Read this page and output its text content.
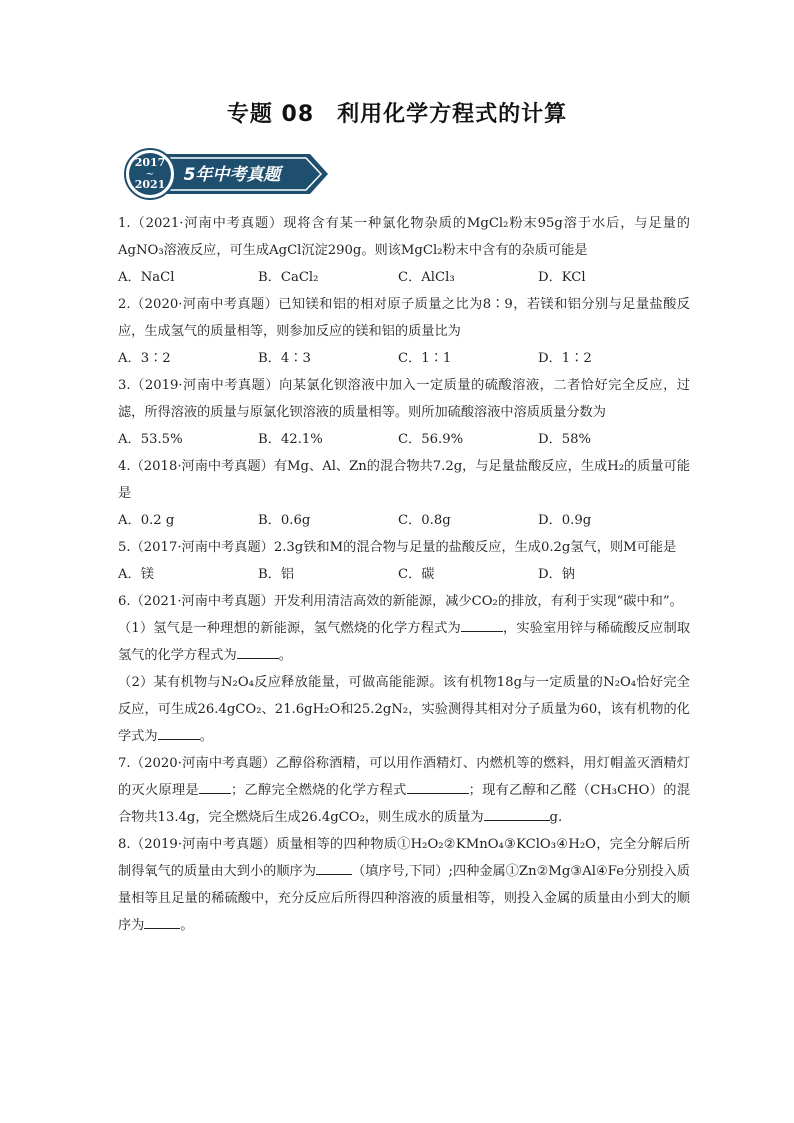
专题 08　利用化学方程式的计算
2017
~
2021 5年中考真题

1.（2021·河南中考真题）现将含有某一种氯化物杂质的MgCl₂粉末95g溶于水后，与足量的AgNO₃溶液反应，可生成AgCl沉淀290g。则该MgCl₂粉末中含有的杂质可能是

A．NaCl	B．CaCl₂	C．AlCl₃	D．KCl

2.（2020·河南中考真题）已知镁和铝的相对原子质量之比为8∶9，若镁和铝分别与足量盐酸反应，生成氢气的质量相等，则参加反应的镁和铝的质量比为

A．3∶2	B．4∶3	C．1∶1	D．1∶2

3.（2019·河南中考真题）向某氯化钡溶液中加入一定质量的硫酸溶液，二者恰好完全反应，过滤，所得溶液的质量与原氯化钡溶液的质量相等。则所加硫酸溶液中溶质质量分数为

A．53.5%	B．42.1%	C．56.9%	D．58%

4.（2018·河南中考真题）有Mg、Al、Zn的混合物共7.2g，与足量盐酸反应，生成H₂的质量可能是

A．0.2 g	B．0.6g	C．0.8g	D．0.9g

5.（2017·河南中考真题）2.3g铁和M的混合物与足量的盐酸反应，生成0.2g氢气，则M可能是

A．镁	B．铝	C．碳	D．钠

6.（2021·河南中考真题）开发利用清洁高效的新能源，减少CO₂的排放，有利于实现“碳中和”。

（1）氢气是一种理想的新能源，氢气燃烧的化学方程式为	，实验室用锌与稀硫酸反应制取氢气的化学方程式为	。

（2）某有机物与N₂O₄反应释放能量，可做高能能源。该有机物18g与一定质量的N₂O₄恰好完全反应，可生成26.4gCO₂、21.6gH₂O和25.2gN₂，实验测得其相对分子质量为60，该有机物的化学式为	。

7.（2020·河南中考真题）乙醇俗称酒精，可以用作酒精灯、内燃机等的燃料，用灯帽盖灭酒精灯的灭火原理是 ；乙醇完全燃烧的化学方程式	；现有乙醇和乙醛（CH₃CHO）的混合物共13.4g，完全燃烧后生成26.4gCO₂，则生成水的质量为	g.

8.（2019·河南中考真题）质量相等的四种物质①H₂O₂②KMnO₄③KClO₃④H₂O，完全分解后所制得氧气的质量由大到小的顺序为	（填序号,下同）;四种金属①Zn②Mg③Al④Fe分别投入质量相等且足量的稀硫酸中，充分反应后所得四种溶液的质量相等，则投入金属的质量由小到大的顺序为	。
